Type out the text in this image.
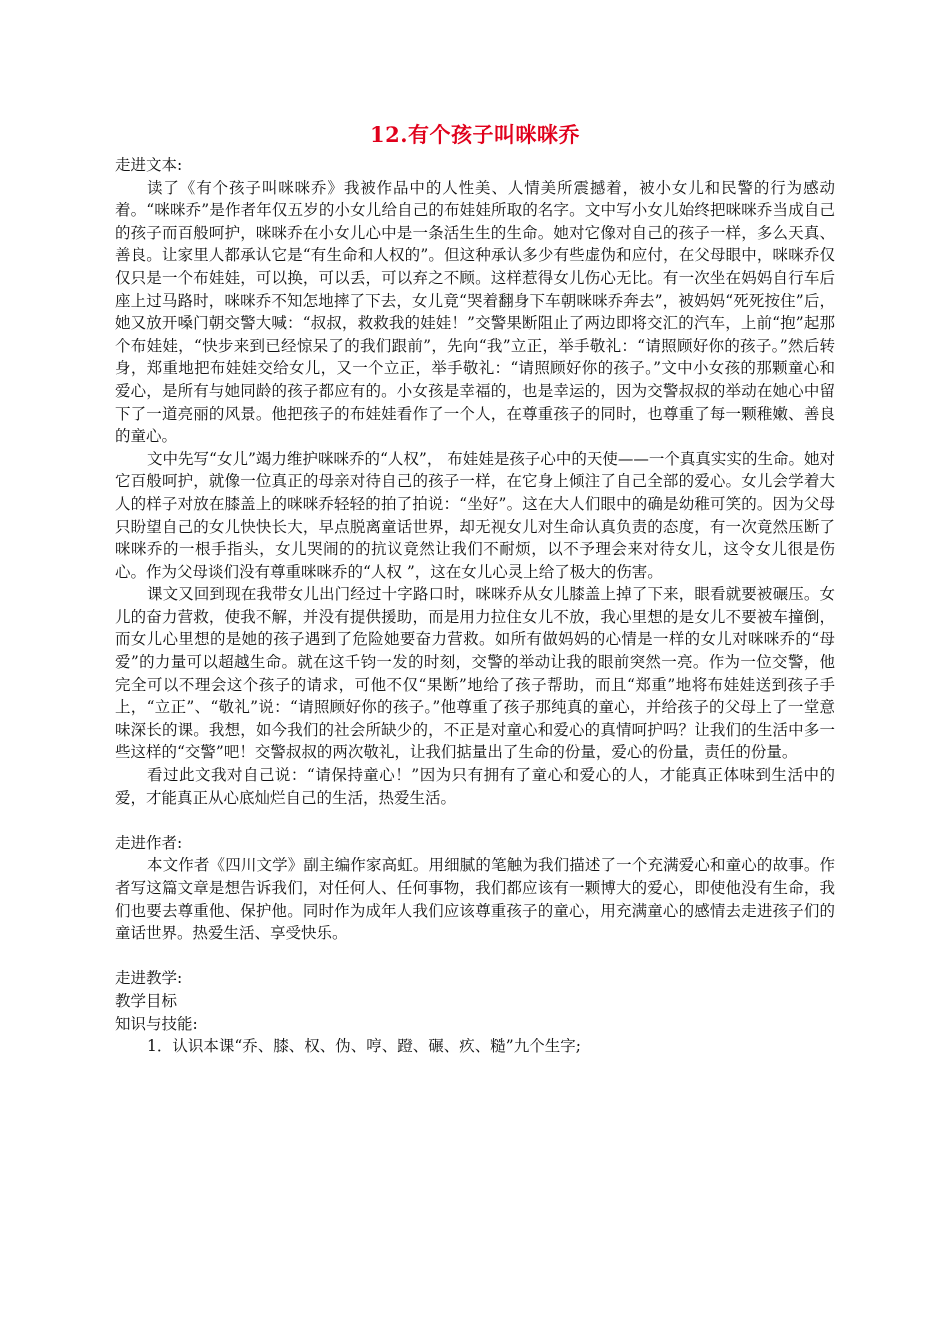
12.有个孩子叫咪咪乔

走进文本:

读了《有个孩子叫咪咪乔》我被作品中的人性美、人情美所震撼着，被小女儿和民警的行为感动着。“咪咪乔”是作者年仅五岁的小女儿给自己的布娃娃所取的名字。文中写小女儿始终把咪咪乔当成自己的孩子而百般呵护，咪咪乔在小女儿心中是一条活生生的生命。她对它像对自己的孩子一样，多么天真、善良。让家里人都承认它是“有生命和人权的”。但这种承认多少有些虚伪和应付，在父母眼中，咪咪乔仅仅只是一个布娃娃，可以换，可以丢，可以弃之不顾。这样惹得女儿伤心无比。有一次坐在妈妈自行车后座上过马路时，咪咪乔不知怎地摔了下去，女儿竟“哭着翻身下车朝咪咪乔奔去”，被妈妈“死死按住”后，她又放开嗓门朝交警大喊：“叔叔，救救我的娃娃！”交警果断阻止了两边即将交汇的汽车，上前“抱”起那个布娃娃，“快步来到已经惊呆了的我们跟前”，先向“我”立正，举手敬礼：“请照顾好你的孩子。”然后转身，郑重地把布娃娃交给女儿，又一个立正，举手敬礼：“请照顾好你的孩子。”文中小女孩的那颗童心和爱心，是所有与她同龄的孩子都应有的。小女孩是幸福的，也是幸运的，因为交警叔叔的举动在她心中留下了一道亮丽的风景。他把孩子的布娃娃看作了一个人，在尊重孩子的同时，也尊重了每一颗稚嫩、善良的童心。

文中先写“女儿”竭力维护咪咪乔的“人权”， 布娃娃是孩子心中的天使——一个真真实实的生命。她对它百般呵护，就像一位真正的母亲对待自己的孩子一样，在它身上倾注了自己全部的爱心。女儿会学着大人的样子对放在膝盖上的咪咪乔轻轻的拍了拍说：“坐好”。这在大人们眼中的确是幼稚可笑的。因为父母只盼望自己的女儿快快长大，早点脱离童话世界，却无视女儿对生命认真负责的态度，有一次竟然压断了咪咪乔的一根手指头，女儿哭闹的的抗议竟然让我们不耐烦，以不予理会来对待女儿，这令女儿很是伤心。作为父母谈们没有尊重咪咪乔的“人权 ”，这在女儿心灵上给了极大的伤害。

课文又回到现在我带女儿出门经过十字路口时，咪咪乔从女儿膝盖上掉了下来，眼看就要被碾压。女儿的奋力营救，使我不解，并没有提供援助，而是用力拉住女儿不放，我心里想的是女儿不要被车撞倒，而女儿心里想的是她的孩子遇到了危险她要奋力营救。如所有做妈妈的心情是一样的女儿对咪咪乔的“母爱”的力量可以超越生命。就在这千钧一发的时刻，交警的举动让我的眼前突然一亮。作为一位交警，他完全可以不理会这个孩子的请求，可他不仅“果断”地给了孩子帮助，而且“郑重”地将布娃娃送到孩子手上，“立正”、“敬礼”说：“请照顾好你的孩子。”他尊重了孩子那纯真的童心，并给孩子的父母上了一堂意味深长的课。我想，如今我们的社会所缺少的，不正是对童心和爱心的真情呵护吗？让我们的生活中多一些这样的“交警”吧！交警叔叔的两次敬礼，让我们掂量出了生命的份量，爱心的份量，责任的份量。

看过此文我对自己说：“请保持童心！”因为只有拥有了童心和爱心的人，才能真正体味到生活中的爱，才能真正从心底灿烂自己的生活，热爱生活。

走进作者:

本文作者《四川文学》副主编作家高虹。用细腻的笔触为我们描述了一个充满爱心和童心的故事。作者写这篇文章是想告诉我们，对任何人、任何事物，我们都应该有一颗博大的爱心，即使他没有生命，我们也要去尊重他、保护他。同时作为成年人我们应该尊重孩子的童心，用充满童心的感情去走进孩子们的童话世界。热爱生活、享受快乐。

走进教学:

教学目标

知识与技能:

1．认识本课“乔、膝、权、伪、哼、蹬、碾、疚、糙”九个生字;
